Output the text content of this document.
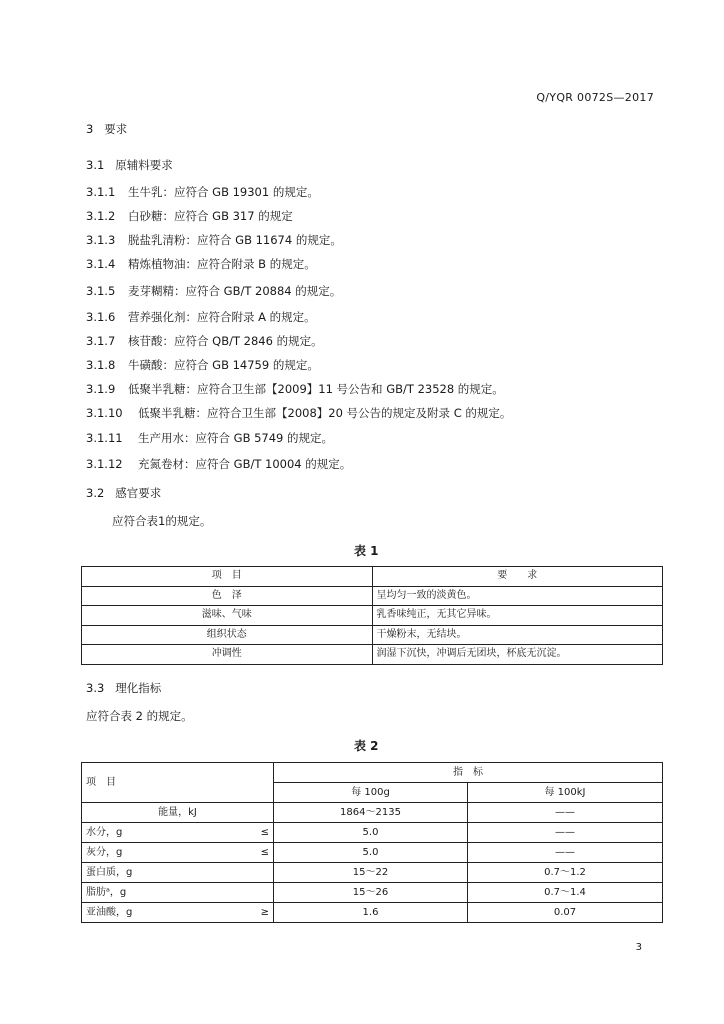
Q/YQR 0072S—2017
3 要求
3.1 原辅料要求
3.1.1 生牛乳：应符合 GB 19301 的规定。
3.1.2 白砂糖：应符合 GB 317 的规定
3.1.3 脱盐乳清粉：应符合 GB 11674 的规定。
3.1.4 精炼植物油：应符合附录 B 的规定。
3.1.5 麦芽糊精：应符合 GB/T 20884 的规定。
3.1.6 营养强化剂：应符合附录 A 的规定。
3.1.7 核苷酸：应符合 QB/T 2846 的规定。
3.1.8 牛磺酸：应符合 GB 14759 的规定。
3.1.9 低聚半乳糖：应符合卫生部【2009】11 号公告和 GB/T 23528 的规定。
3.1.10 低聚半乳糖：应符合卫生部【2008】20 号公告的规定及附录 C 的规定。
3.1.11 生产用水：应符合 GB 5749 的规定。
3.1.12 充氮卷材：应符合 GB/T 10004 的规定。
3.2 感官要求
应符合表1的规定。
表 1
项　目	要　　求
色　泽	呈均匀一致的淡黄色。
滋味、气味	乳香味纯正，无其它异味。
组织状态	干燥粉末，无结块。
冲调性	润湿下沉快，冲调后无团块，杯底无沉淀。
3.3 理化指标
应符合表 2 的规定。
表 2
项　目	指　标	
	每 100g	每 100kJ
能量，kJ	1864～2135	——
水分，g ≤	5.0	——
灰分，g ≤	5.0	——
蛋白质，g	15～22	0.7～1.2
脂肪ᵃ，g	15～26	0.7～1.4
亚油酸，g ≥	1.6	0.07
3
